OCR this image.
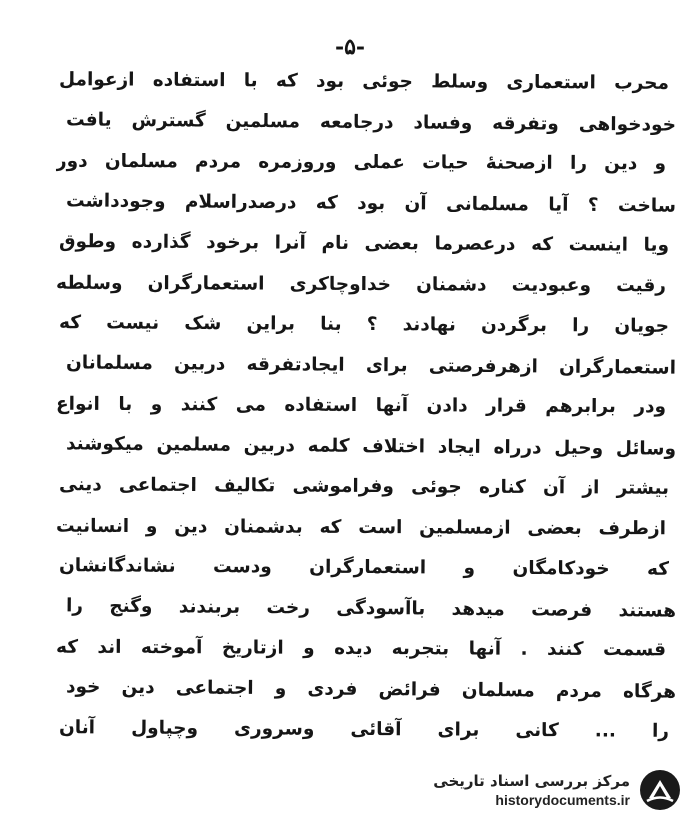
-۵-
محرب استعماری وسلط جوئی بود که با استفاده ازعوامل
خودخواهی وتفرقه وفساد درجامعه مسلمین گسترش یافت
و دین را ازصحنهٔ حیات عملی وروزمره مردم مسلمان دور
ساخت ؟ آیا مسلمانی آن بود که درصدراسلام وجودداشت
ویا اینست که درعصرما بعضی نام آنرا برخود گذارده وطوق
رقیت وعبودیت دشمنان خداوچاکری استعمارگران وسلطه
جویان را برگردن نهادند ؟ بنا براین شک نیست که
استعمارگران ازهرفرصتی برای ایجادتفرقه دربین مسلمانان
ودر برابرهم قرار دادن آنها استفاده می کنند و با انواع
وسائل وحیل درراه ایجاد اختلاف کلمه دربین مسلمین میکوشند
بیشتر از آن کناره جوئی وفراموشی تکالیف اجتماعی دینی
ازطرف بعضی ازمسلمین است که بدشمنان دین و انسانیت
که خودکامگان و استعمارگران ودست نشاندگانشان
هستند فرصت میدهد باآسودگی رخت بربندند وگنج را
قسمت کنند . آنها بتجربه دیده و ازتاریخ آموخته اند که
هرگاه مردم مسلمان فرائض فردی و اجتماعی دین خود
را ... کانی برای آقائی وسروری وچپاول آنان
مرکز بررسی اسناد تاریخی
historydocuments.ir
